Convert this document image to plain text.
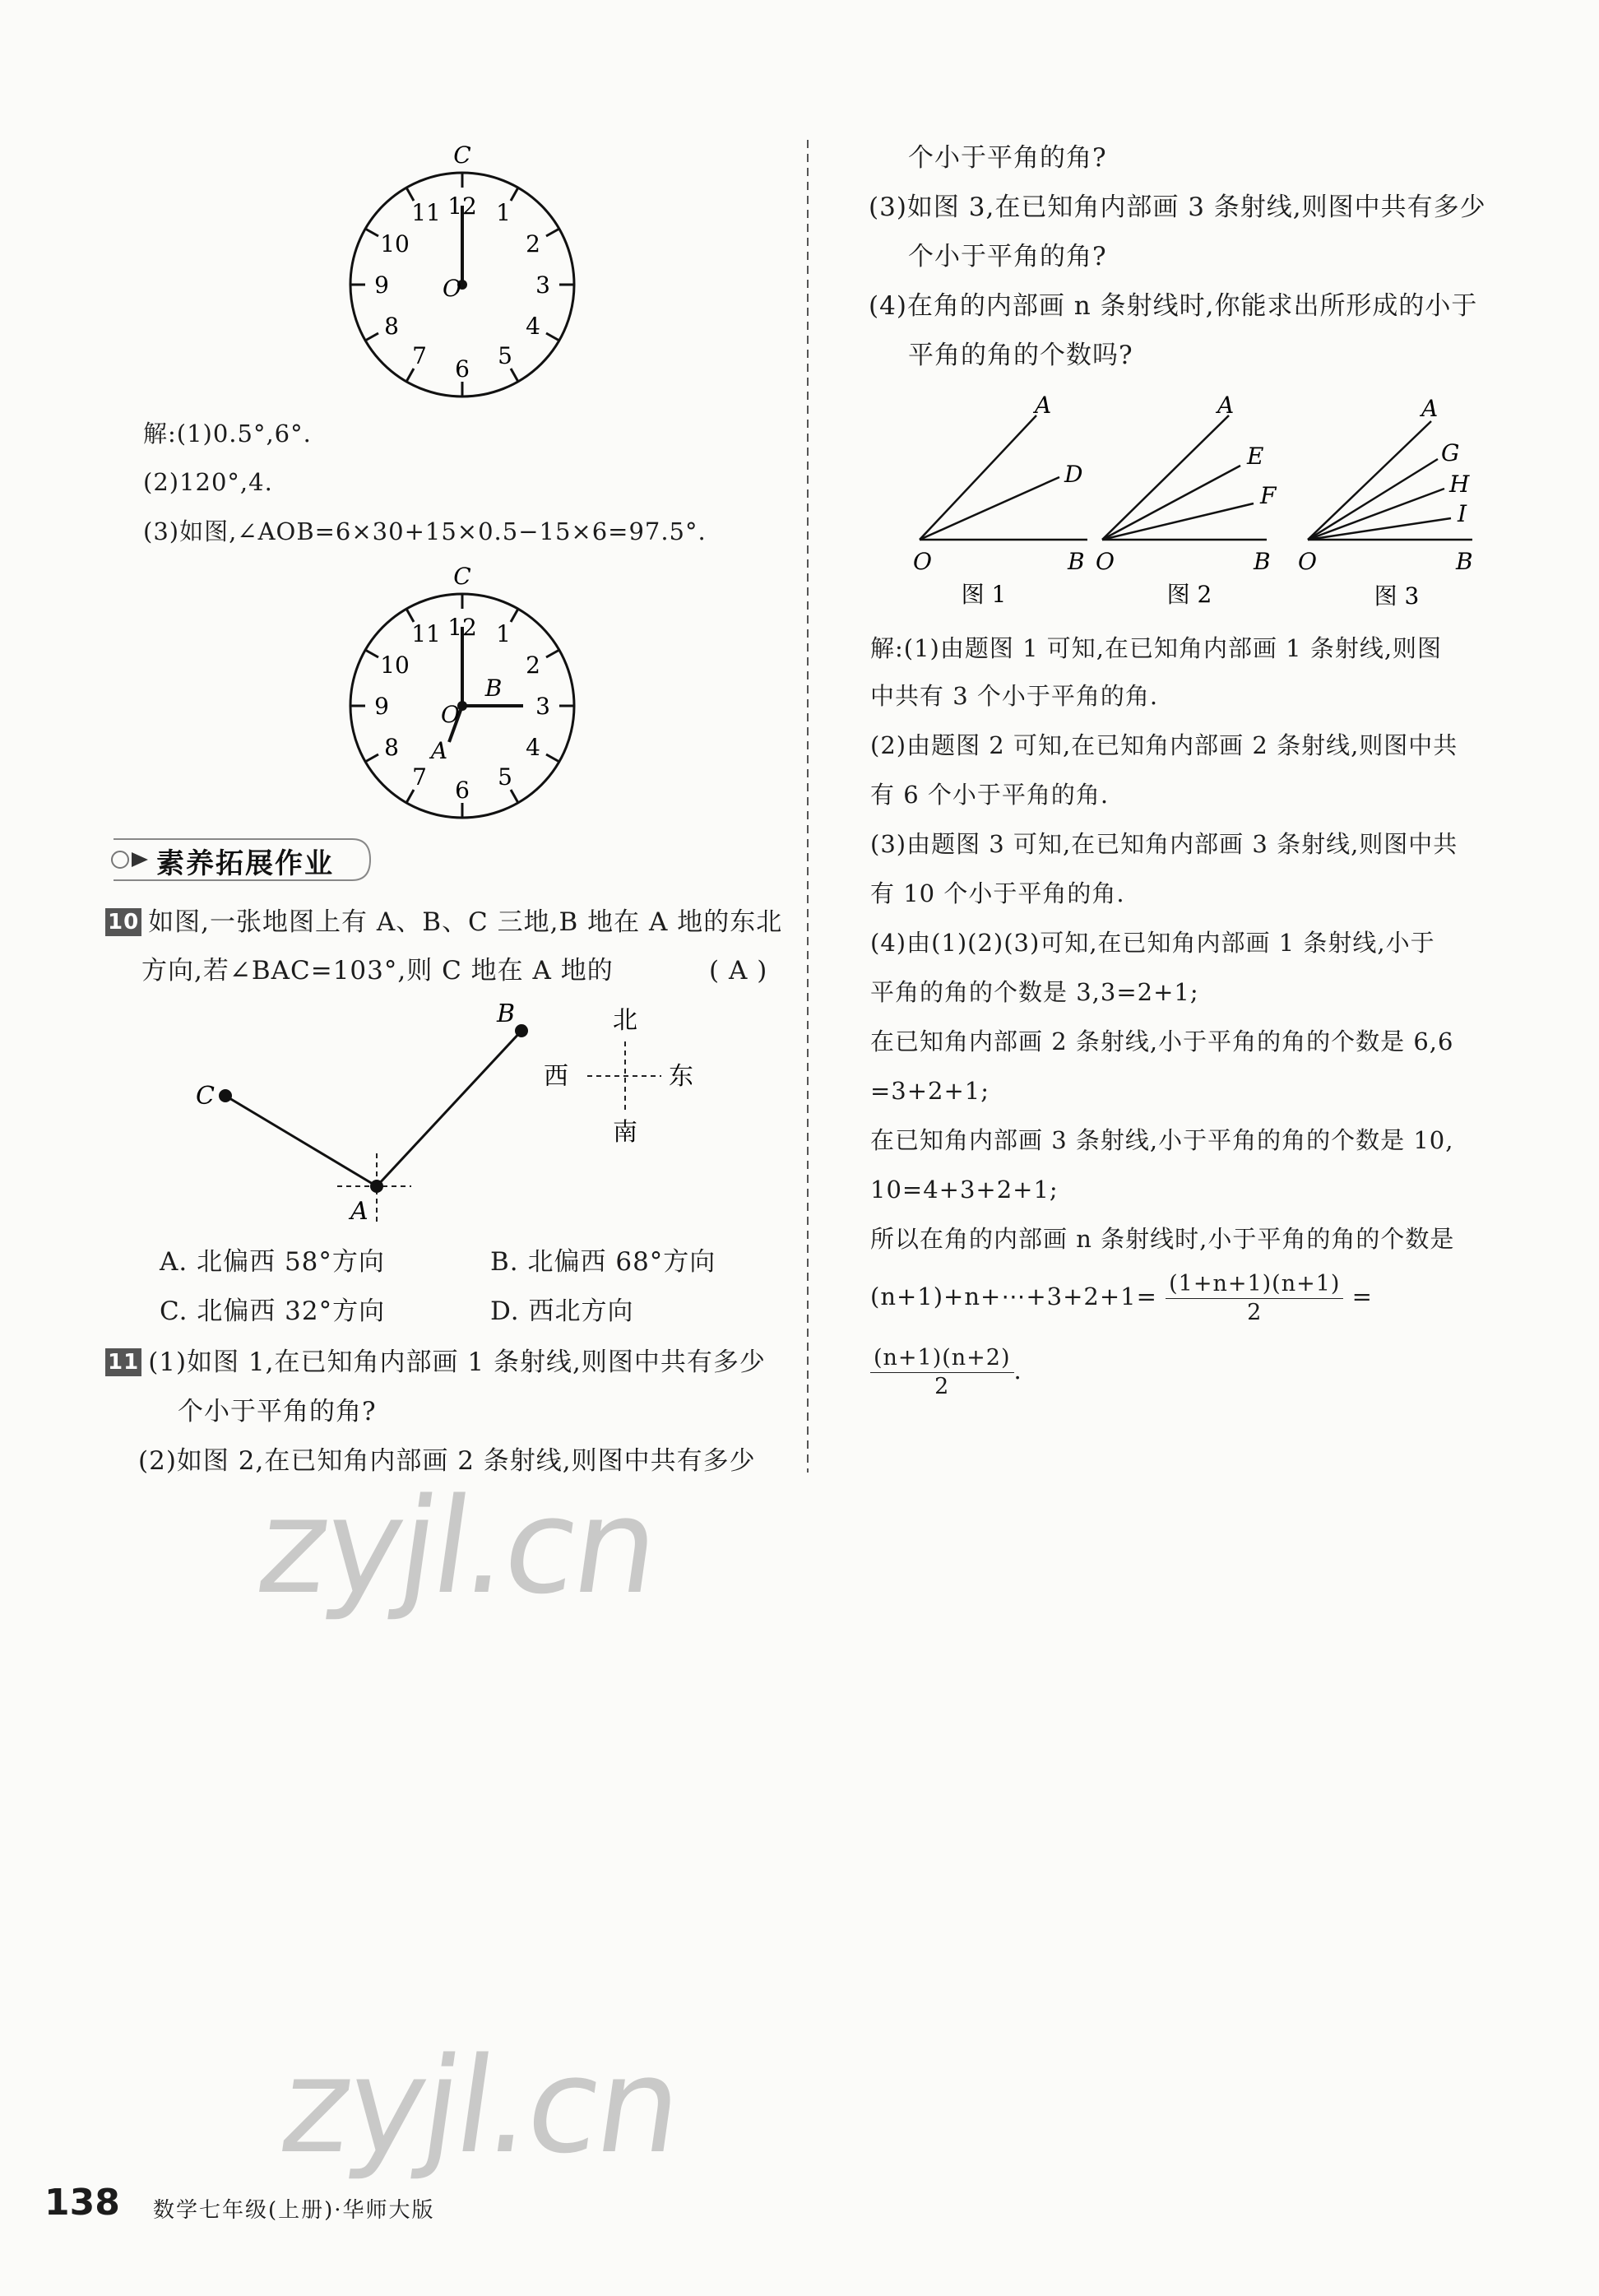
12 1
2
3
4
5
6
7
8
9
10
11
O
C
解:(1)0.5°,6°.
(2)120°,4.
(3)如图,∠AOB=6×30+15×0.5−15×6=97.5°.
12 1
2
3
4
5
6
7
8
9
10
11
O
B
A
C
素养拓展作业
10 如图,一张地图上有 A、B、C 三地,B 地在 A 地的东北
方向,若∠BAC=103°,则 C 地在 A 地的	( A )
C
B
A
北
南
西	东
A. 北偏西 58°方向	B. 北偏西 68°方向
C. 北偏西 32°方向	D. 西北方向
11 (1)如图 1,在已知角内部画 1 条射线,则图中共有多少
个小于平角的角?
(2)如图 2,在已知角内部画 2 条射线,则图中共有多少
个小于平角的角?
(3)如图 3,在已知角内部画 3 条射线,则图中共有多少
个小于平角的角?
(4)在角的内部画 n 条射线时,你能求出所形成的小于
平角的角的个数吗?
O
A
D
B
图 1
O
A
E
F
B
图 2
O
A
G
H
I
B
图 3
解:(1)由题图 1 可知,在已知角内部画 1 条射线,则图
中共有 3 个小于平角的角.
(2)由题图 2 可知,在已知角内部画 2 条射线,则图中共
有 6 个小于平角的角.
(3)由题图 3 可知,在已知角内部画 3 条射线,则图中共
有 10 个小于平角的角.
(4)由(1)(2)(3)可知,在已知角内部画 1 条射线,小于
平角的角的个数是 3,3=2+1;
在已知角内部画 2 条射线,小于平角的角的个数是 6,6
=3+2+1;
在已知角内部画 3 条射线,小于平角的角的个数是 10,
10=4+3+2+1;
所以在角的内部画 n 条射线时,小于平角的角的个数是
(n+1)+n+⋯+3+2+1= $\frac{(1+n+1)(n+1)}{2}$ =
$\frac{(n+1)(n+2)}{2}$ .
zyjl.cn
zyjl.cn
138 数学七年级(上册)·华师大版
